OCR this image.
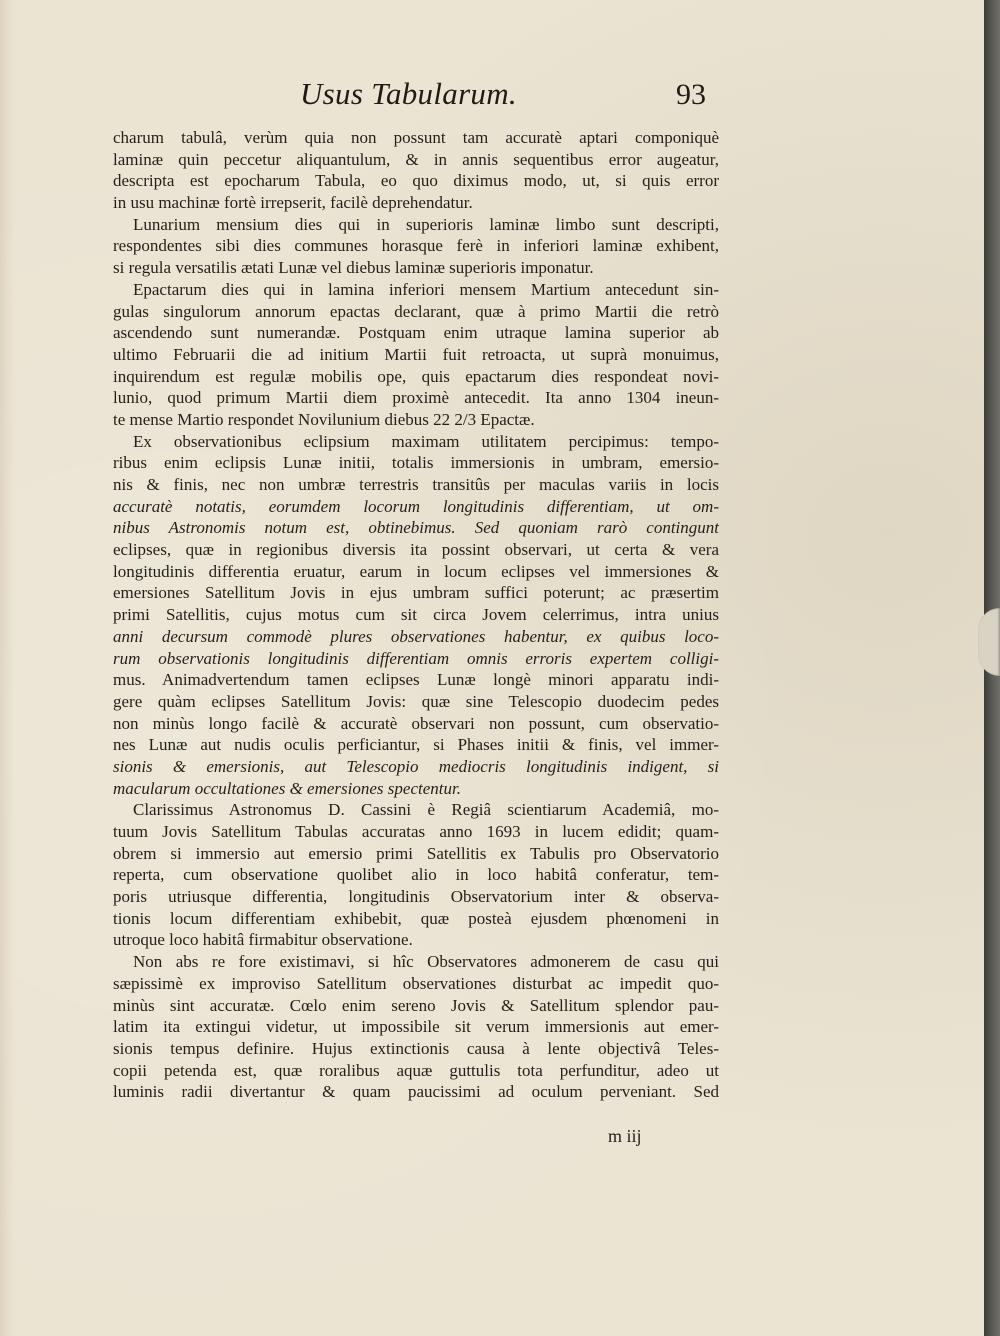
Usus Tabularum.	93
charum tabulâ, verùm quia non possunt tam accuratè aptari componiquè
laminæ quin peccetur aliquantulum, & in annis sequentibus error augeatur,
descripta est epocharum Tabula, eo quo diximus modo, ut, si quis error
in usu machinæ fortè irrepserit, facilè deprehendatur.
Lunarium mensium dies qui in superioris laminæ limbo sunt descripti,
respondentes sibi dies communes horasque ferè in inferiori laminæ exhibent,
si regula versatilis ætati Lunæ vel diebus laminæ superioris imponatur.
Epactarum dies qui in lamina inferiori mensem Martium antecedunt sin-
gulas singulorum annorum epactas declarant, quæ à primo Martii die retrò
ascendendo sunt numerandæ. Postquam enim utraque lamina superior ab
ultimo Februarii die ad initium Martii fuit retroacta, ut suprà monuimus,
inquirendum est regulæ mobilis ope, quis epactarum dies respondeat novi-
lunio, quod primum Martii diem proximè antecedit. Ita anno 1304 ineun-
te mense Martio respondet Novilunium diebus 22 2/3 Epactæ.
Ex observationibus eclipsium maximam utilitatem percipimus: tempo-
ribus enim eclipsis Lunæ initii, totalis immersionis in umbram, emersio-
nis & finis, nec non umbræ terrestris transitûs per maculas variis in locis
accuratè notatis, eorumdem locorum longitudinis differentiam, ut om-
nibus Astronomis notum est, obtinebimus. Sed quoniam rarò contingunt
eclipses, quæ in regionibus diversis ita possint observari, ut certa & vera
longitudinis differentia eruatur, earum in locum eclipses vel immersiones &
emersiones Satellitum Jovis in ejus umbram suffici poterunt; ac præsertim
primi Satellitis, cujus motus cum sit circa Jovem celerrimus, intra unius
anni decursum commodè plures observationes habentur, ex quibus loco-
rum observationis longitudinis differentiam omnis erroris expertem colligi-
mus. Animadvertendum tamen eclipses Lunæ longè minori apparatu indi-
gere quàm eclipses Satellitum Jovis: quæ sine Telescopio duodecim pedes
non minùs longo facilè & accuratè observari non possunt, cum observatio-
nes Lunæ aut nudis oculis perficiantur, si Phases initii & finis, vel immer-
sionis & emersionis, aut Telescopio mediocris longitudinis indigent, si
macularum occultationes & emersiones spectentur.
Clarissimus Astronomus D. Cassini è Regiâ scientiarum Academiâ, mo-
tuum Jovis Satellitum Tabulas accuratas anno 1693 in lucem edidit; quam-
obrem si immersio aut emersio primi Satellitis ex Tabulis pro Observatorio
reperta, cum observatione quolibet alio in loco habitâ conferatur, tem-
poris utriusque differentia, longitudinis Observatorium inter & observa-
tionis locum differentiam exhibebit, quæ posteà ejusdem phœnomeni in
utroque loco habitâ firmabitur observatione.
Non abs re fore existimavi, si hîc Observatores admonerem de casu qui
sæpissimè ex improviso Satellitum observationes disturbat ac impedit quo-
minùs sint accuratæ. Cœlo enim sereno Jovis & Satellitum splendor pau-
latim ita extingui videtur, ut impossibile sit verum immersionis aut emer-
sionis tempus definire. Hujus extinctionis causa à lente objectivâ Teles-
copii petenda est, quæ roralibus aquæ guttulis tota perfunditur, adeo ut
luminis radii divertantur & quam paucissimi ad oculum perveniant. Sed
m iij
